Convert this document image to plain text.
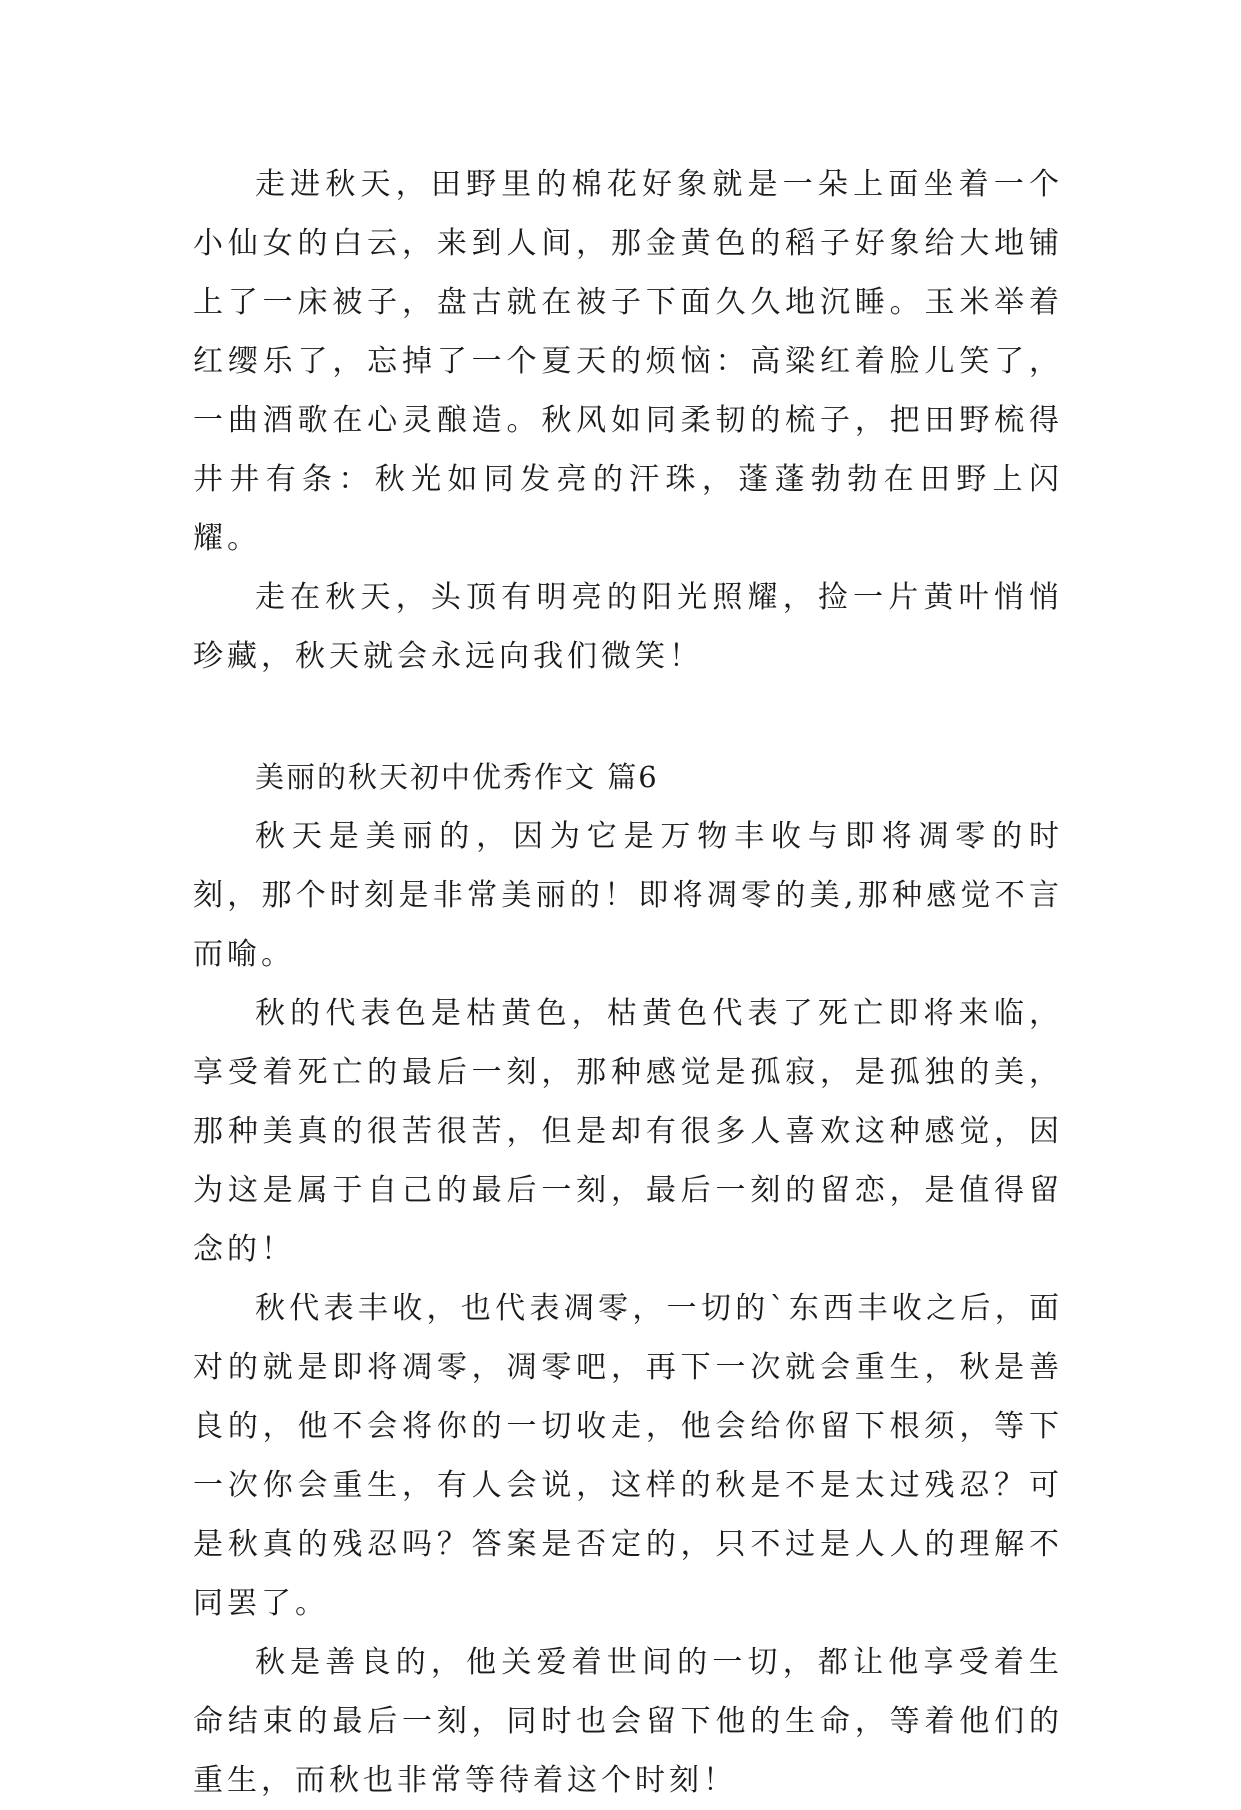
走进秋天，田野里的棉花好象就是一朵上面坐着一个小仙女的白云，来到人间，那金黄色的稻子好象给大地铺上了一床被子，盘古就在被子下面久久地沉睡。玉米举着红缨乐了，忘掉了一个夏天的烦恼：高粱红着脸儿笑了，一曲酒歌在心灵酿造。秋风如同柔韧的梳子，把田野梳得井井有条：秋光如同发亮的汗珠，蓬蓬勃勃在田野上闪耀。

走在秋天，头顶有明亮的阳光照耀，捡一片黄叶悄悄珍藏，秋天就会永远向我们微笑！

美丽的秋天初中优秀作文 篇6

秋天是美丽的，因为它是万物丰收与即将凋零的时刻，那个时刻是非常美丽的！即将凋零的美,那种感觉不言而喻。

秋的代表色是枯黄色，枯黄色代表了死亡即将来临，享受着死亡的最后一刻，那种感觉是孤寂，是孤独的美，那种美真的很苦很苦，但是却有很多人喜欢这种感觉，因为这是属于自己的最后一刻，最后一刻的留恋，是值得留念的！

秋代表丰收，也代表凋零，一切的`东西丰收之后，面对的就是即将凋零，凋零吧，再下一次就会重生，秋是善良的，他不会将你的一切收走，他会给你留下根须，等下一次你会重生，有人会说，这样的秋是不是太过残忍？可是秋真的残忍吗？答案是否定的，只不过是人人的理解不同罢了。

秋是善良的，他关爱着世间的一切，都让他享受着生命结束的最后一刻，同时也会留下他的生命，等着他们的重生，而秋也非常等待着这个时刻！
